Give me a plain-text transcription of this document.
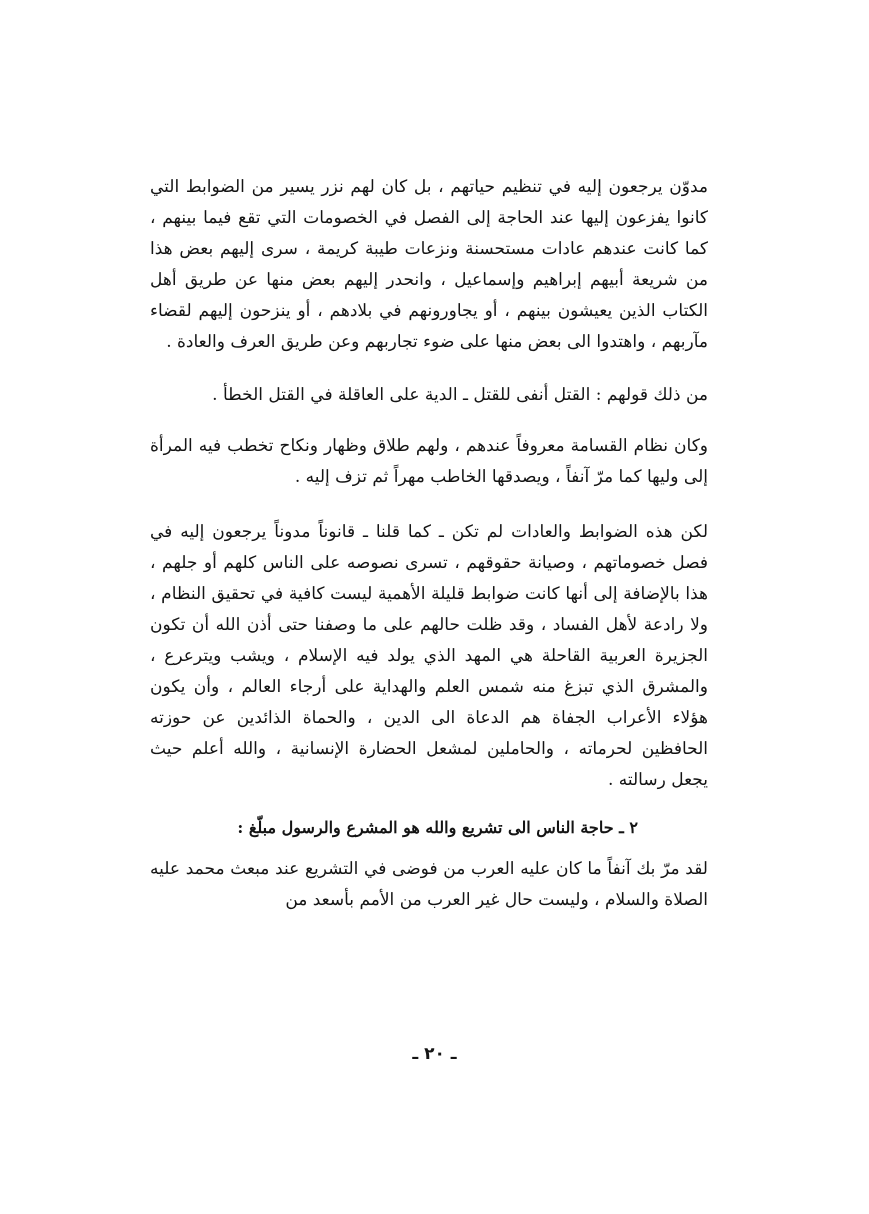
مدوّن يرجعون إليه في تنظيم حياتهم ، بل كان لهم نزر يسير من الضوابط التي كانوا يفزعون إليها عند الحاجة إلى الفصل في الخصومات التي تقع فيما بينهم ، كما كانت عندهم عادات مستحسنة ونزعات طيبة كريمة ، سرى إليهم بعض هذا من شريعة أبيهم إبراهيم وإسماعيل ، وانحدر إليهم بعض منها عن طريق أهل الكتاب الذين يعيشون بينهم ، أو يجاورونهم في بلادهم ، أو ينزحون إليهم لقضاء مآربهم ، واهتدوا الى بعض منها على ضوء تجاربهم وعن طريق العرف والعادة .

من ذلك قولهم : القتل أنفى للقتل ـ الدية على العاقلة في القتل الخطأ .

وكان نظام القسامة معروفاً عندهم ، ولهم طلاق وظهار ونكاح تخطب فيه المرأة إلى وليها كما مرّ آنفاً ، ويصدقها الخاطب مهراً ثم تزف إليه .

لكن هذه الضوابط والعادات لم تكن ـ كما قلنا ـ قانوناً مدوناً يرجعون إليه في فصل خصوماتهم ، وصيانة حقوقهم ، تسرى نصوصه على الناس كلهم أو جلهم ، هذا بالإضافة إلى أنها كانت ضوابط قليلة الأهمية ليست كافية في تحقيق النظام ، ولا رادعة لأهل الفساد ، وقد ظلت حالهم على ما وصفنا حتى أذن الله أن تكون الجزيرة العربية القاحلة هي المهد الذي يولد فيه الإسلام ، ويشب ويترعرع ، والمشرق الذي تبزغ منه شمس العلم والهداية على أرجاء العالم ، وأن يكون هؤلاء الأعراب الجفاة هم الدعاة الى الدين ، والحماة الذائدين عن حوزته الحافظين لحرماته ، والحاملين لمشعل الحضارة الإنسانية ، والله أعلم حيث يجعل رسالته .

٢ ـ حاجة الناس الى تشريع والله هو المشرع والرسول مبلّغ :

لقد مرّ بك آنفاً ما كان عليه العرب من فوضى في التشريع عند مبعث محمد عليه الصلاة والسلام ، وليست حال غير العرب من الأمم بأسعد من

ـ ٢٠ ـ
